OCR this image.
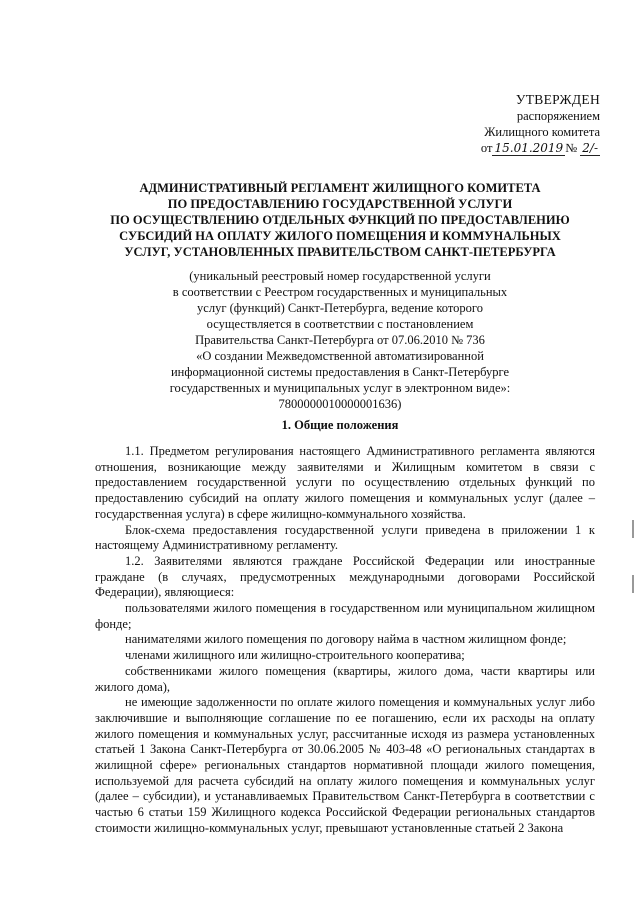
УТВЕРЖДЕН
распоряжением
Жилищного комитета
от 15.01.2019 № 2/-
АДМИНИСТРАТИВНЫЙ РЕГЛАМЕНТ ЖИЛИЩНОГО КОМИТЕТА
ПО ПРЕДОСТАВЛЕНИЮ ГОСУДАРСТВЕННОЙ УСЛУГИ
ПО ОСУЩЕСТВЛЕНИЮ ОТДЕЛЬНЫХ ФУНКЦИЙ ПО ПРЕДОСТАВЛЕНИЮ
СУБСИДИЙ НА ОПЛАТУ ЖИЛОГО ПОМЕЩЕНИЯ И КОММУНАЛЬНЫХ
УСЛУГ, УСТАНОВЛЕННЫХ ПРАВИТЕЛЬСТВОМ САНКТ-ПЕТЕРБУРГА
(уникальный реестровый номер государственной услуги
в соответствии с Реестром государственных и муниципальных
услуг (функций) Санкт-Петербурга, ведение которого
осуществляется в соответствии с постановлением
Правительства Санкт-Петербурга от 07.06.2010 № 736
«О создании Межведомственной автоматизированной
информационной системы предоставления в Санкт-Петербурге
государственных и муниципальных услуг в электронном виде»:
7800000010000001636)
1. Общие положения

1.1. Предметом регулирования настоящего Административного регламента являются отношения, возникающие между заявителями и Жилищным комитетом в связи с предоставлением государственной услуги по осуществлению отдельных функций по предоставлению субсидий на оплату жилого помещения и коммунальных услуг (далее – государственная услуга) в сфере жилищно-коммунального хозяйства.

Блок-схема предоставления государственной услуги приведена в приложении 1 к настоящему Административному регламенту.

1.2. Заявителями являются граждане Российской Федерации или иностранные граждане (в случаях, предусмотренных международными договорами Российской Федерации), являющиеся:

пользователями жилого помещения в государственном или муниципальном жилищном фонде;

нанимателями жилого помещения по договору найма в частном жилищном фонде;

членами жилищного или жилищно-строительного кооператива;

собственниками жилого помещения (квартиры, жилого дома, части квартиры или жилого дома),

не имеющие задолженности по оплате жилого помещения и коммунальных услуг либо заключившие и выполняющие соглашение по ее погашению, если их расходы на оплату жилого помещения и коммунальных услуг, рассчитанные исходя из размера установленных статьей 1 Закона Санкт-Петербурга от 30.06.2005 № 403-48 «О региональных стандартах в жилищной сфере» региональных стандартов нормативной площади жилого помещения, используемой для расчета субсидий на оплату жилого помещения и коммунальных услуг (далее – субсидии), и устанавливаемых Правительством Санкт-Петербурга в соответствии с частью 6 статьи 159 Жилищного кодекса Российской Федерации региональных стандартов стоимости жилищно-коммунальных услуг, превышают установленные статьей 2 Закона
